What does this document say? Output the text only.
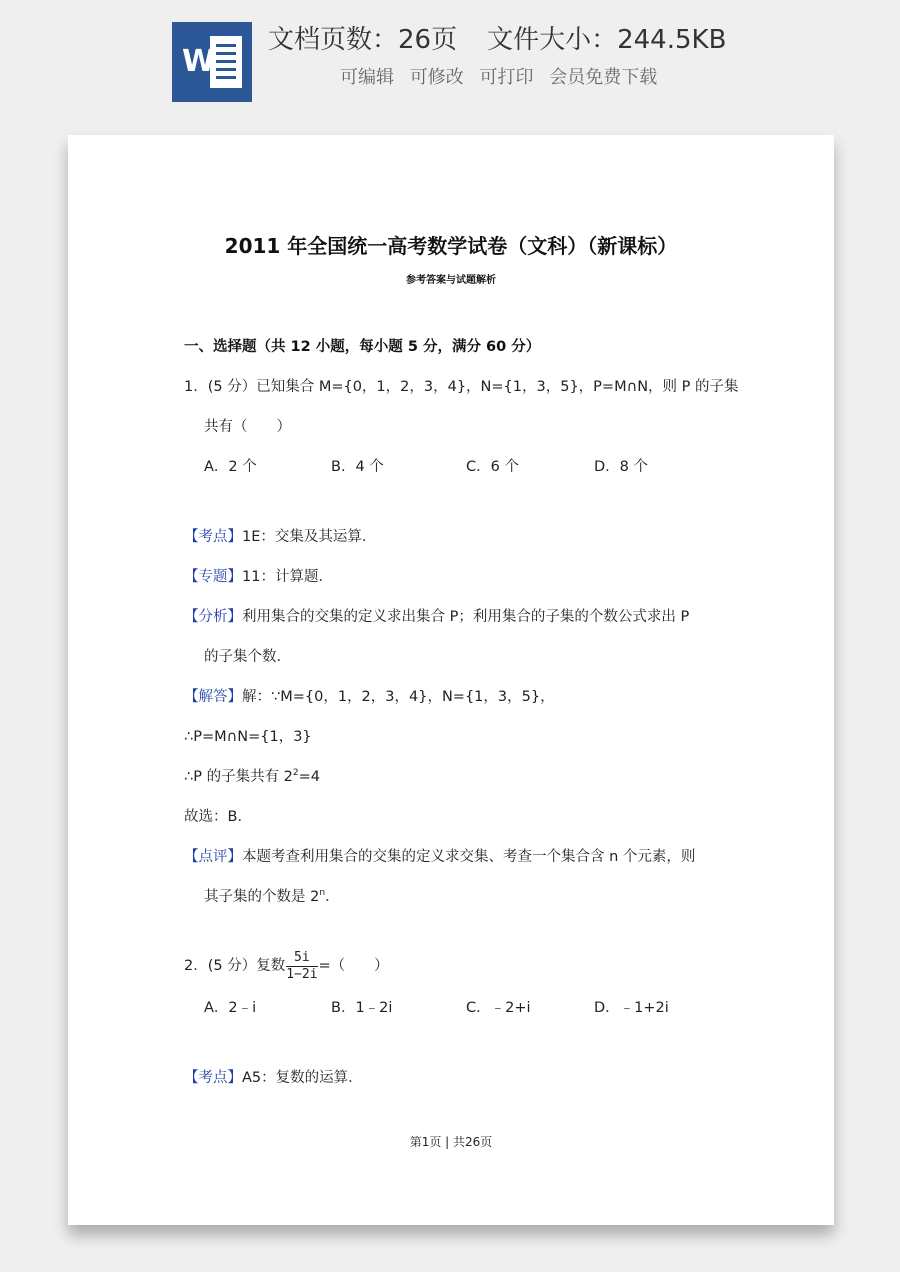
W
文档页数：26页 文件大小：244.5KB
可编辑 可修改 可打印 会员免费下载
2011 年全国统一高考数学试卷（文科）（新课标）
参考答案与试题解析
一、选择题（共 12 小题，每小题 5 分，满分 60 分）
1．(5 分）已知集合 M={0，1，2，3，4}，N={1，3，5}，P=M∩N，则 P 的子集
共有（　　）
A．2 个	B．4 个	C．6 个	D．8 个
【考点】1E：交集及其运算．
【专题】11：计算题．
【分析】利用集合的交集的定义求出集合 P；利用集合的子集的个数公式求出 P
的子集个数．
【解答】解：∵M={0，1，2，3，4}，N={1，3，5}，
∴P=M∩N={1，3}
∴P 的子集共有 $2^2=4$
故选：B．
【点评】本题考查利用集合的交集的定义求交集、考查一个集合含 n 个元素，则
其子集的个数是 2$^n$．
2．(5 分）复数 $\frac{5i}{1-2i}$ =（　　）
A．2﹣i	B．1﹣2i	C．﹣2+i	D．﹣1+2i
【考点】A5：复数的运算．
第1页 | 共26页
